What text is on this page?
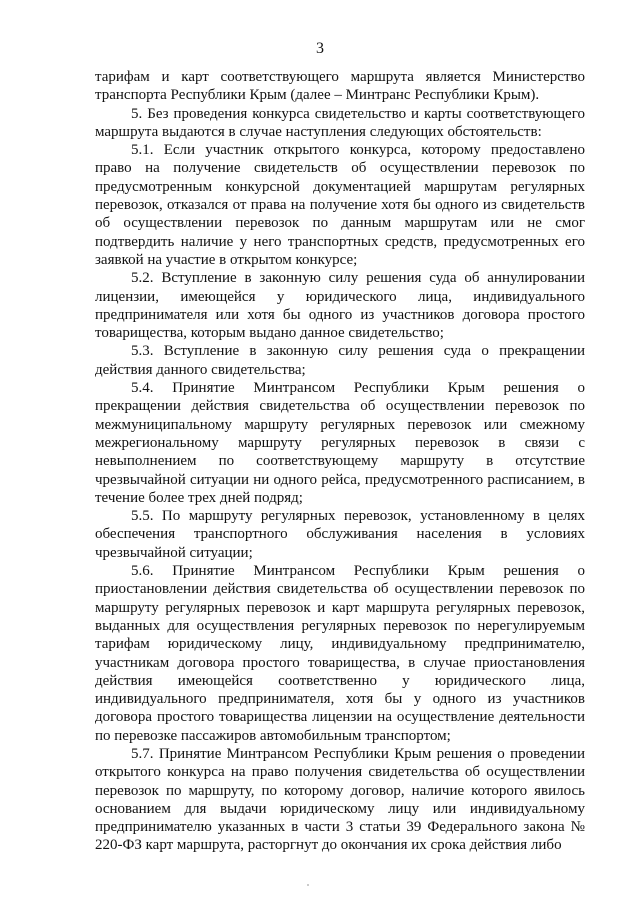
3

тарифам и карт соответствующего маршрута является Министерство транспорта Республики Крым (далее – Минтранс Республики Крым).

5. Без проведения конкурса свидетельство и карты соответствующего маршрута выдаются в случае наступления следующих обстоятельств:

5.1. Если участник открытого конкурса, которому предоставлено право на получение свидетельств об осуществлении перевозок по предусмотренным конкурсной документацией маршрутам регулярных перевозок, отказался от права на получение хотя бы одного из свидетельств об осуществлении перевозок по данным маршрутам или не смог подтвердить наличие у него транспортных средств, предусмотренных его заявкой на участие в открытом конкурсе;

5.2. Вступление в законную силу решения суда об аннулировании лицензии, имеющейся у юридического лица, индивидуального предпринимателя или хотя бы одного из участников договора простого товарищества, которым выдано данное свидетельство;

5.3. Вступление в законную силу решения суда о прекращении действия данного свидетельства;

5.4. Принятие Минтрансом Республики Крым решения о прекращении действия свидетельства об осуществлении перевозок по межмуниципальному маршруту регулярных перевозок или смежному межрегиональному маршруту регулярных перевозок в связи с невыполнением по соответствующему маршруту в отсутствие чрезвычайной ситуации ни одного рейса, предусмотренного расписанием, в течение более трех дней подряд;

5.5. По маршруту регулярных перевозок, установленному в целях обеспечения транспортного обслуживания населения в условиях чрезвычайной ситуации;

5.6. Принятие Минтрансом Республики Крым решения о приостановлении действия свидетельства об осуществлении перевозок по маршруту регулярных перевозок и карт маршрута регулярных перевозок, выданных для осуществления регулярных перевозок по нерегулируемым тарифам юридическому лицу, индивидуальному предпринимателю, участникам договора простого товарищества, в случае приостановления действия имеющейся соответственно у юридического лица, индивидуального предпринимателя, хотя бы у одного из участников договора простого товарищества лицензии на осуществление деятельности по перевозке пассажиров автомобильным транспортом;

5.7. Принятие Минтрансом Республики Крым решения о проведении открытого конкурса на право получения свидетельства об осуществлении перевозок по маршруту, по которому договор, наличие которого явилось основанием для выдачи юридическому лицу или индивидуальному предпринимателю указанных в части 3 статьи 39 Федерального закона № 220-ФЗ карт маршрута, расторгнут до окончания их срока действия либо
